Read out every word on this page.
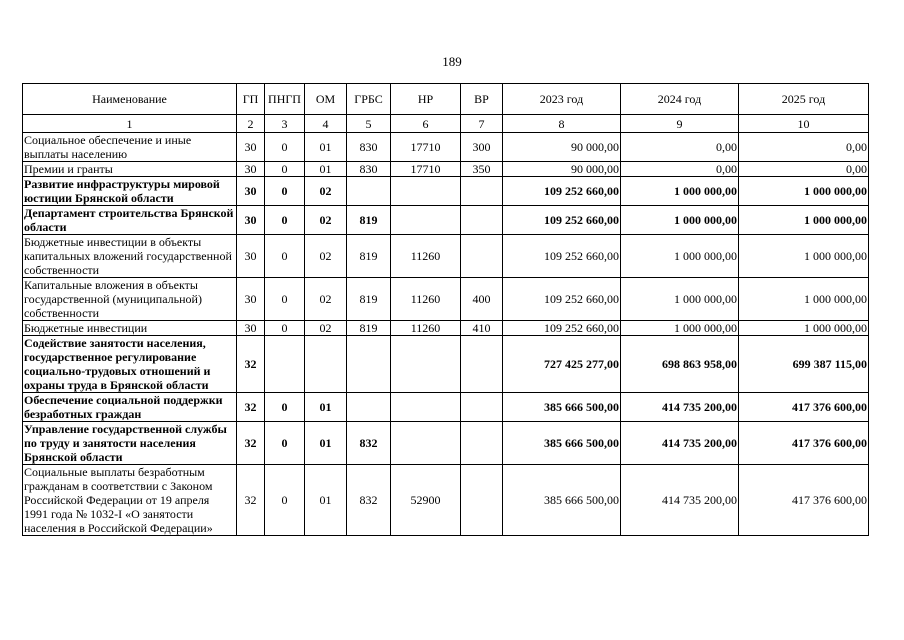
189
Наименование	ГП	ПНГП	ОМ	ГРБС	НР	ВР	2023 год	2024 год	2025 год
1	2	3	4	5	6	7	8	9	10
Социальное обеспечение и иные выплаты населению	30	0	01	830	17710	300	90 000,00	0,00	0,00
Премии и гранты	30	0	01	830	17710	350	90 000,00	0,00	0,00
Развитие инфраструктуры мировой юстиции Брянской области	30	0	02				109 252 660,00	1 000 000,00	1 000 000,00
Департамент строительства Брянской области	30	0	02	819			109 252 660,00	1 000 000,00	1 000 000,00
Бюджетные инвестиции в объекты капитальных вложений государственной собственности	30	0	02	819	11260		109 252 660,00	1 000 000,00	1 000 000,00
Капитальные вложения в объекты государственной (муниципальной) собственности	30	0	02	819	11260	400	109 252 660,00	1 000 000,00	1 000 000,00
Бюджетные инвестиции	30	0	02	819	11260	410	109 252 660,00	1 000 000,00	1 000 000,00
Содействие занятости населения, государственное регулирование социально-трудовых отношений и охраны труда в Брянской области	32						727 425 277,00	698 863 958,00	699 387 115,00
Обеспечение социальной поддержки безработных граждан	32	0	01				385 666 500,00	414 735 200,00	417 376 600,00
Управление государственной службы по труду и занятости населения Брянской области	32	0	01	832			385 666 500,00	414 735 200,00	417 376 600,00
Социальные выплаты безработным гражданам в соответствии с Законом Российской Федерации от 19 апреля 1991 года № 1032-I «О занятости населения в Российской Федерации»	32	0	01	832	52900		385 666 500,00	414 735 200,00	417 376 600,00
